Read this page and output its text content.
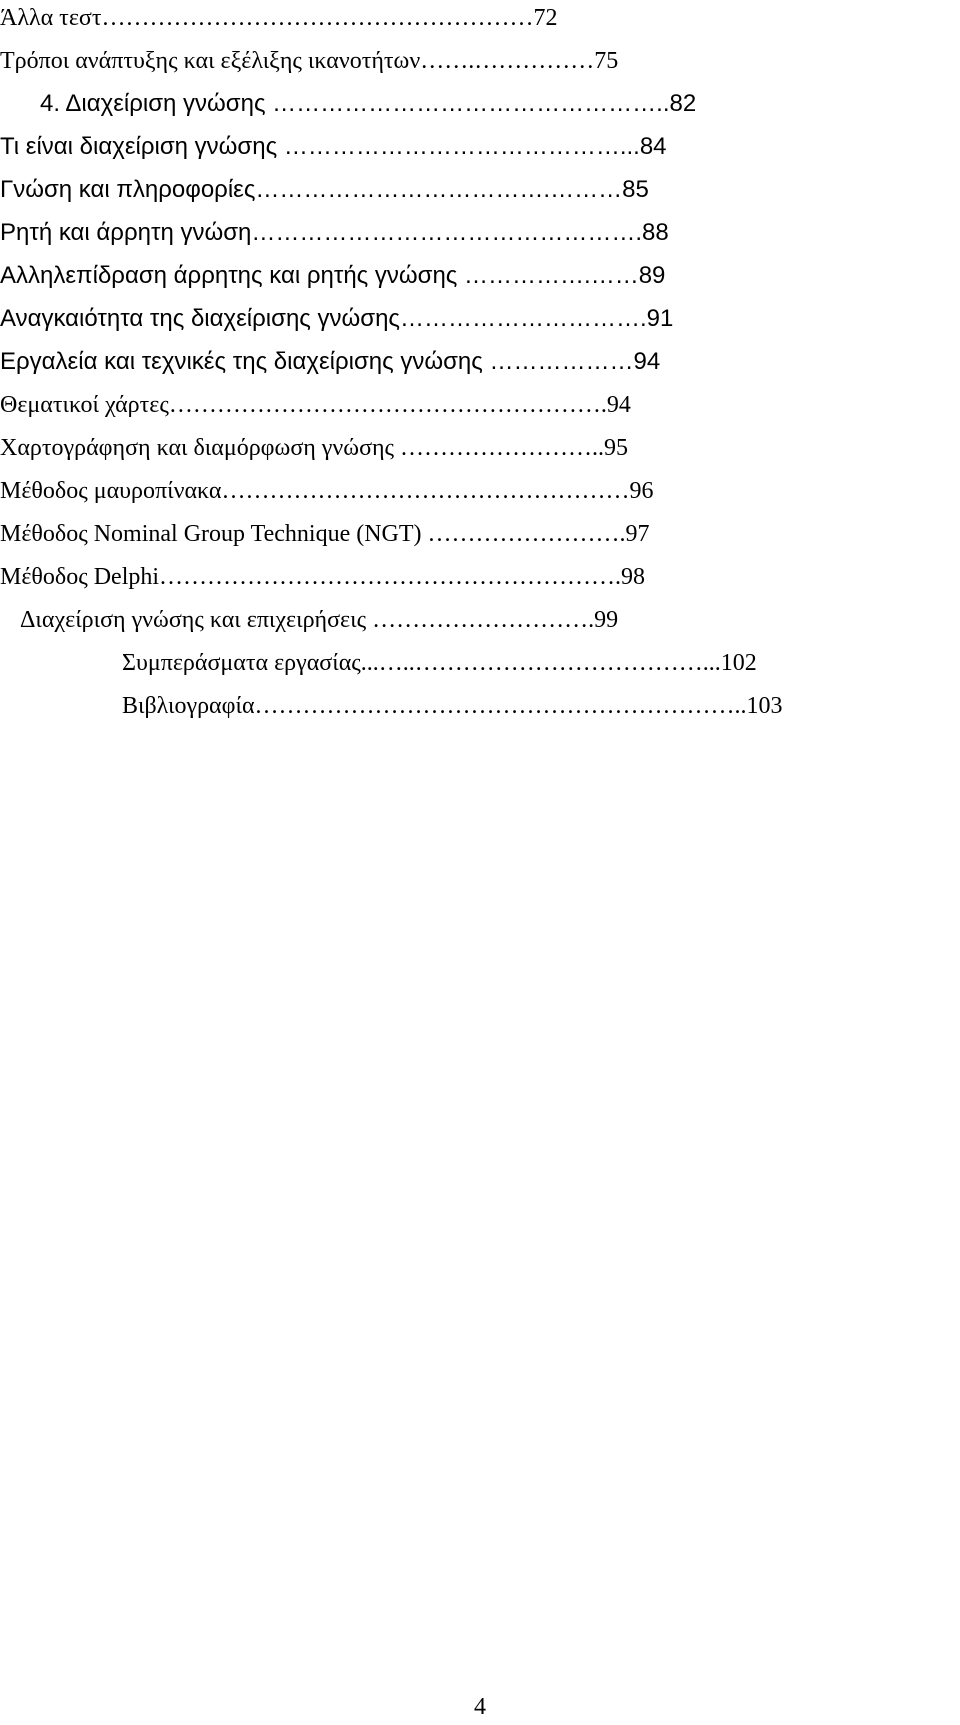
Άλλα τεστ………………………………………………72
Τρόποι ανάπτυξης και εξέλιξης ικανοτήτων…….……………75
4. Διαχείριση γνώσης …………………………………………..82
Τι είναι διαχείριση γνώσης ……………………………………...84
Γνώση και πληροφορίες……………………………….………85
Ρητή και άρρητη γνώση………………………………………….88
Αλληλεπίδραση άρρητης και ρητής γνώσης …………….……89
Αναγκαιότητα της διαχείρισης γνώσης………………………….91
Εργαλεία και τεχνικές της διαχείρισης γνώσης ………………94
Θεματικοί χάρτες……………………………………………….94
Χαρτογράφηση και διαμόρφωση γνώσης ……………………..95
Μέθοδος μαυροπίνακα……………………………………………96
Μέθοδος Nominal Group Technique (NGT) …………………….97
Μέθοδος Delphi………………………………………………….98
Διαχείριση γνώσης και επιχειρήσεις ……………………….99
Συμπεράσματα εργασίας...…..………………………………...102
Βιβλιογραφία……………………………………………………..103
4
